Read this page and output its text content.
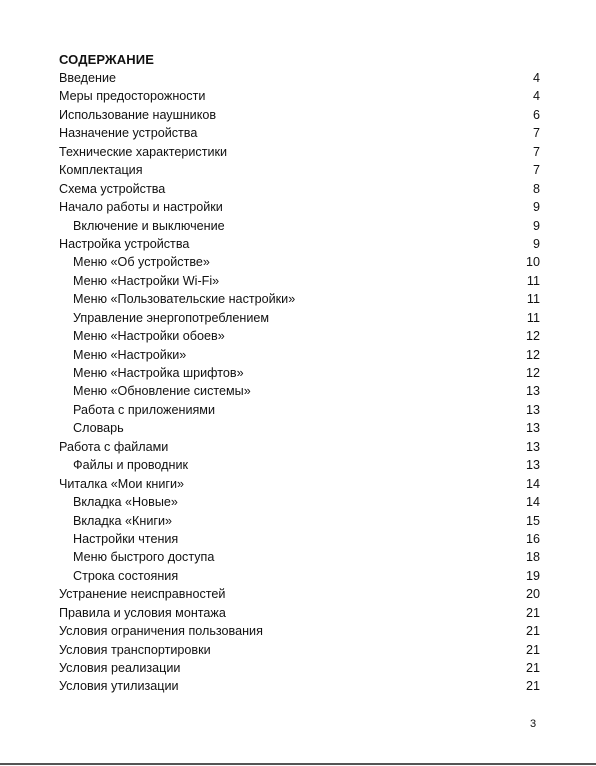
СОДЕРЖАНИЕ
Введение	4
Меры предосторожности	4
Использование наушников	6
Назначение устройства	7
Технические характеристики	7
Комплектация	7
Схема устройства	8
Начало работы и настройки	9
Включение и выключение	9
Настройка устройства	9
Меню «Об устройстве»	10
Меню «Настройки Wi-Fi»	11
Меню «Пользовательские настройки»	11
Управление энергопотреблением	11
Меню «Настройки обоев»	12
Меню «Настройки»	12
Меню «Настройка шрифтов»	12
Меню «Обновление системы»	13
Работа с приложениями	13
Словарь	13
Работа с файлами	13
Файлы и проводник	13
Читалка «Мои книги»	14
Вкладка «Новые»	14
Вкладка «Книги»	15
Настройки чтения	16
Меню быстрого доступа	18
Строка состояния	19
Устранение неисправностей	20
Правила и условия монтажа	21
Условия ограничения пользования	21
Условия транспортировки	21
Условия реализации	21
Условия утилизации	21

3
